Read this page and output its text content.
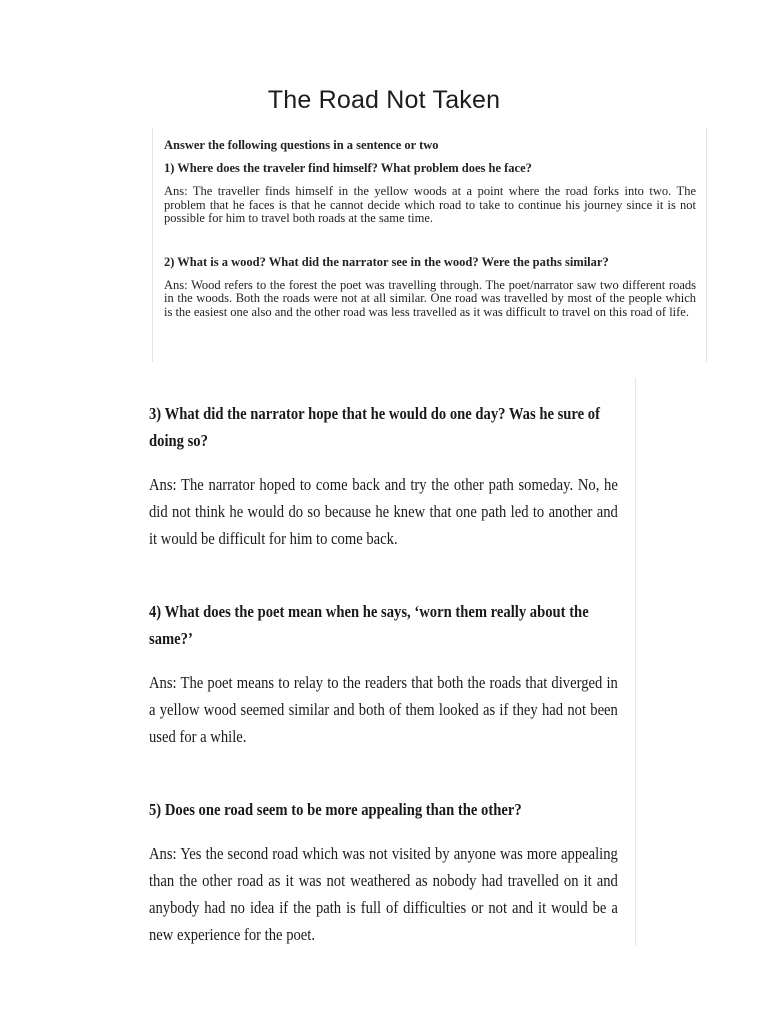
The Road Not Taken

Answer the following questions in a sentence or two

1) Where does the traveler find himself? What problem does he face?

Ans: The traveller finds himself in the yellow woods at a point where the road forks into two. The problem that he faces is that he cannot decide which road to take to continue his journey since it is not possible for him to travel both roads at the same time.

2) What is a wood? What did the narrator see in the wood? Were the paths similar?

Ans: Wood refers to the forest the poet was travelling through. The poet/narrator saw two different roads in the woods. Both the roads were not at all similar. One road was travelled by most of the people which is the easiest one also and the other road was less travelled as it was difficult to travel on this road of life.

3) What did the narrator hope that he would do one day? Was he sure of doing so?

Ans: The narrator hoped to come back and try the other path someday. No, he did not think he would do so because he knew that one path led to another and it would be difficult for him to come back.

4) What does the poet mean when he says, ‘worn them really about the same?’

Ans: The poet means to relay to the readers that both the roads that diverged in a yellow wood seemed similar and both of them looked as if they had not been used for a while.

5) Does one road seem to be more appealing than the other?

Ans: Yes the second road which was not visited by anyone was more appealing than the other road as it was not weathered as nobody had travelled on it and anybody had no idea if the path is full of difficulties or not and it would be a new experience for the poet.
